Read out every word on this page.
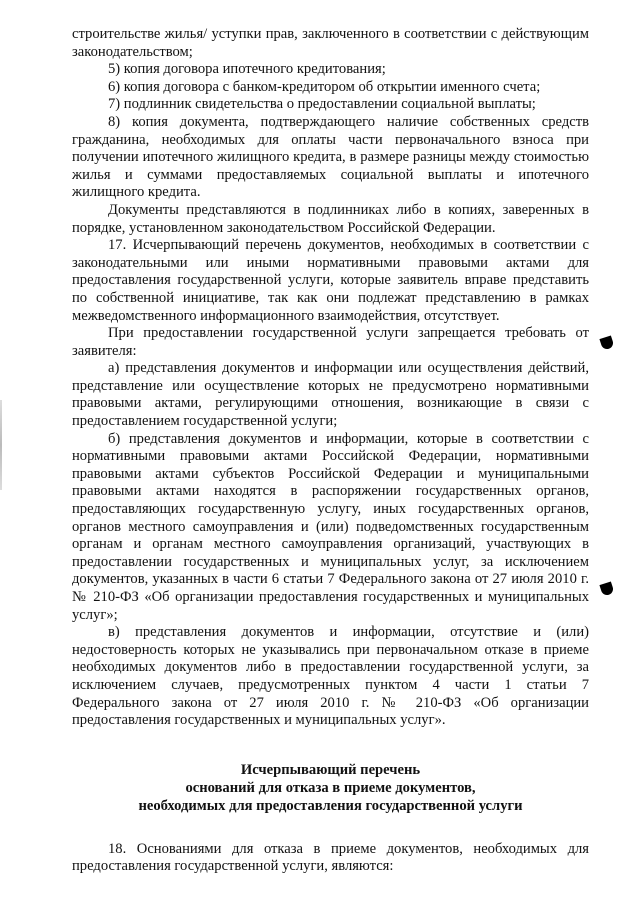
строительстве жилья/ уступки прав, заключенного в соответствии с действующим законодательством;

5) копия договора ипотечного кредитования;

6) копия договора с банком-кредитором об открытии именного счета;

7) подлинник свидетельства о предоставлении социальной выплаты;

8) копия документа, подтверждающего наличие собственных средств гражданина, необходимых для оплаты части первоначального взноса при получении ипотечного жилищного кредита, в размере разницы между стоимостью жилья и суммами предоставляемых социальной выплаты и ипотечного жилищного кредита.

Документы представляются в подлинниках либо в копиях, заверенных в порядке, установленном законодательством Российской Федерации.

17. Исчерпывающий перечень документов, необходимых в соответствии с законодательными или иными нормативными правовыми актами для предоставления государственной услуги, которые заявитель вправе представить по собственной инициативе, так как они подлежат представлению в рамках межведомственного информационного взаимодействия, отсутствует.

При предоставлении государственной услуги запрещается требовать от заявителя:

а) представления документов и информации или осуществления действий, представление или осуществление которых не предусмотрено нормативными правовыми актами, регулирующими отношения, возникающие в связи с предоставлением государственной услуги;

б) представления документов и информации, которые в соответствии с нормативными правовыми актами Российской Федерации, нормативными правовыми актами субъектов Российской Федерации и муниципальными правовыми актами находятся в распоряжении государственных органов, предоставляющих государственную услугу, иных государственных органов, органов местного самоуправления и (или) подведомственных государственным органам и органам местного самоуправления организаций, участвующих в предоставлении государственных и муниципальных услуг, за исключением документов, указанных в части 6 статьи 7 Федерального закона от 27 июля 2010 г. № 210-ФЗ «Об организации предоставления государственных и муниципальных услуг»;

в) представления документов и информации, отсутствие и (или) недостоверность которых не указывались при первоначальном отказе в приеме необходимых документов либо в предоставлении государственной услуги, за исключением случаев, предусмотренных пунктом 4 части 1 статьи 7 Федерального закона от 27 июля 2010 г. № 210-ФЗ «Об организации предоставления государственных и муниципальных услуг».

Исчерпывающий перечень
оснований для отказа в приеме документов,
необходимых для предоставления государственной услуги

18. Основаниями для отказа в приеме документов, необходимых для предоставления государственной услуги, являются:
